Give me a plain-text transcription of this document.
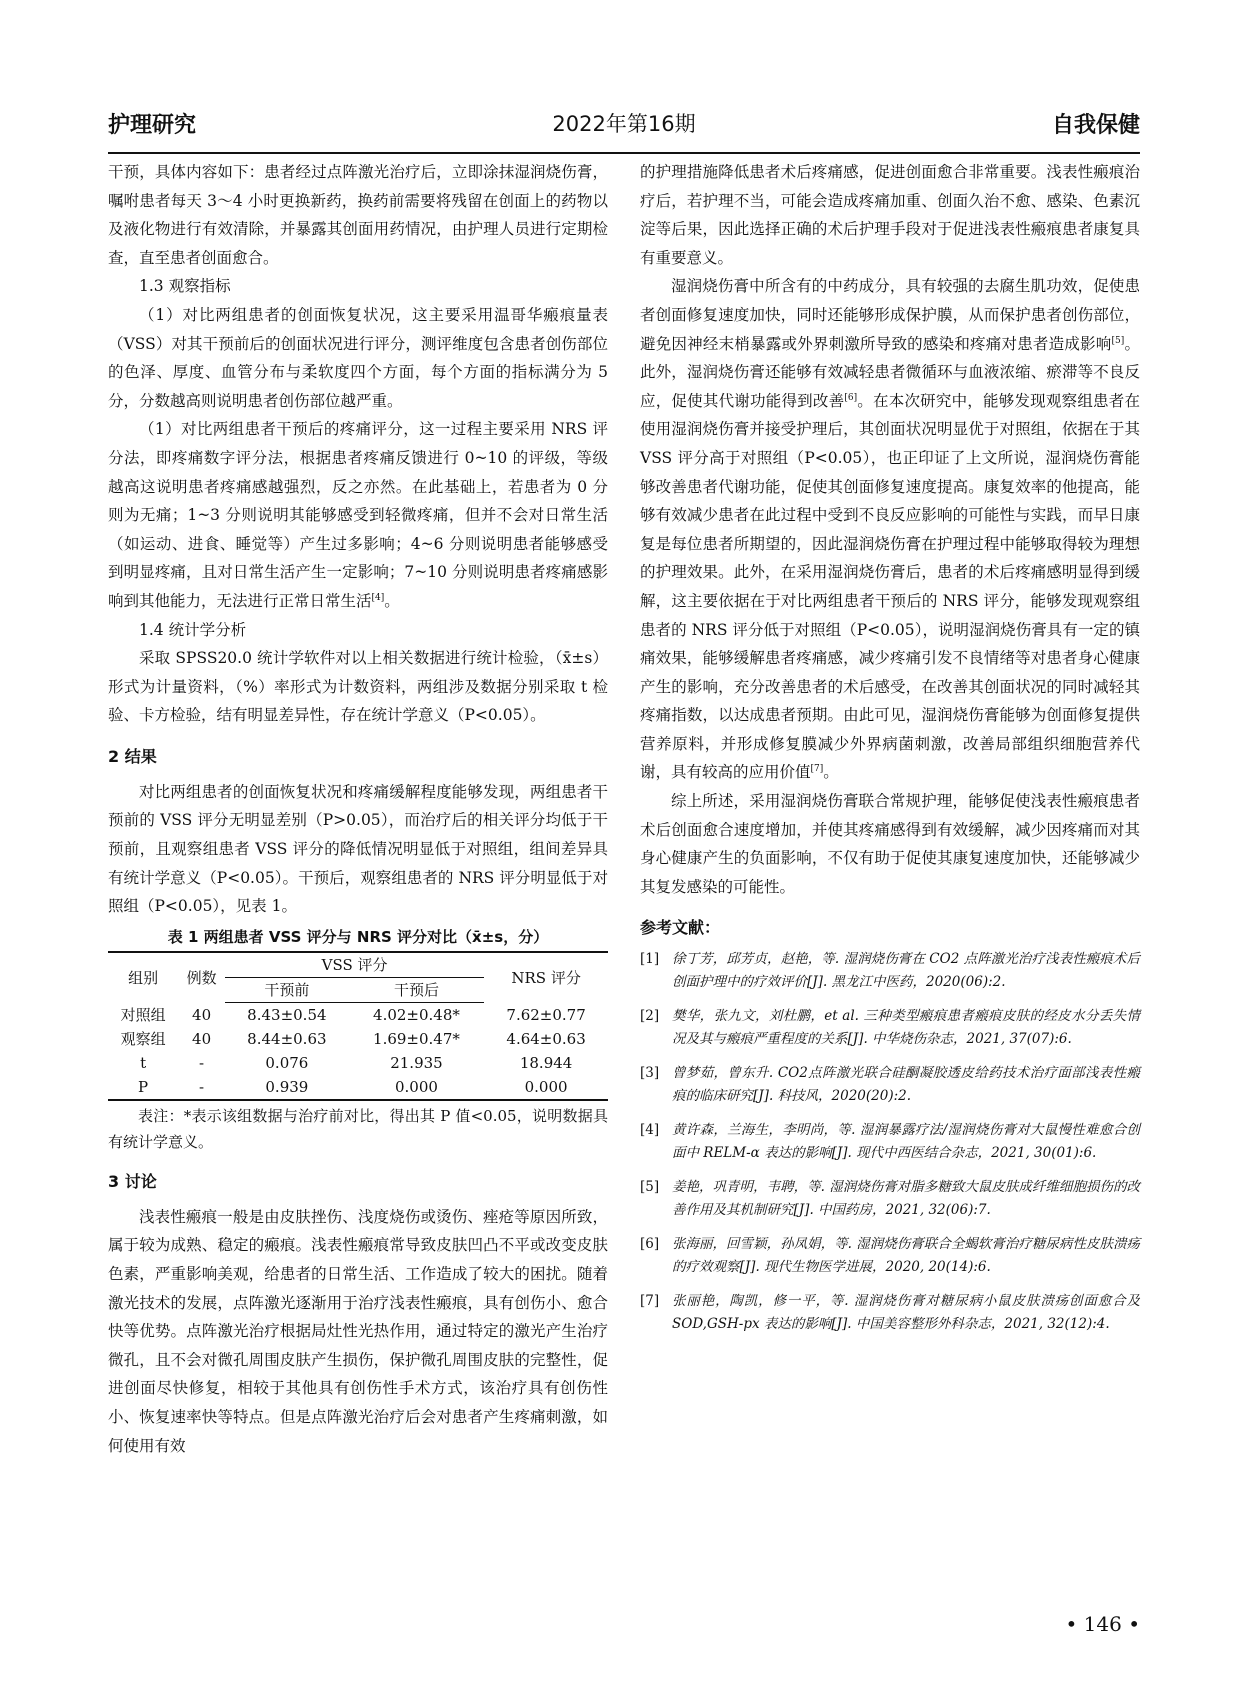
护理研究	2022年第16期	自我保健

干预，具体内容如下：患者经过点阵激光治疗后，立即涂抹湿润烧伤膏，嘱咐患者每天 3～4 小时更换新药，换药前需要将残留在创面上的药物以及液化物进行有效清除，并暴露其创面用药情况，由护理人员进行定期检查，直至患者创面愈合。

1.3 观察指标

（1）对比两组患者的创面恢复状况，这主要采用温哥华瘢痕量表（VSS）对其干预前后的创面状况进行评分，测评维度包含患者创伤部位的色泽、厚度、血管分布与柔软度四个方面，每个方面的指标满分为 5 分，分数越高则说明患者创伤部位越严重。

（1）对比两组患者干预后的疼痛评分，这一过程主要采用 NRS 评分法，即疼痛数字评分法，根据患者疼痛反馈进行 0~10 的评级，等级越高这说明患者疼痛感越强烈，反之亦然。在此基础上，若患者为 0 分则为无痛；1~3 分则说明其能够感受到轻微疼痛，但并不会对日常生活（如运动、进食、睡觉等）产生过多影响；4~6 分则说明患者能够感受到明显疼痛，且对日常生活产生一定影响；7~10 分则说明患者疼痛感影响到其他能力，无法进行正常日常生活[4]。

1.4 统计学分析

采取 SPSS20.0 统计学软件对以上相关数据进行统计检验，（x̄±s）形式为计量资料，（%）率形式为计数资料，两组涉及数据分别采取 t 检验、卡方检验，结有明显差异性，存在统计学意义（P<0.05）。

2 结果

对比两组患者的创面恢复状况和疼痛缓解程度能够发现，两组患者干预前的 VSS 评分无明显差别（P>0.05），而治疗后的相关评分均低于干预前，且观察组患者 VSS 评分的降低情况明显低于对照组，组间差异具有统计学意义（P<0.05）。干预后，观察组患者的 NRS 评分明显低于对照组（P<0.05），见表 1。

表 1 两组患者 VSS 评分与 NRS 评分对比（x̄±s，分）
组别	例数	VSS 评分		NRS 评分
		干预前	干预后	
对照组	40	8.43±0.54	4.02±0.48*	7.62±0.77
观察组	40	8.44±0.63	1.69±0.47*	4.64±0.63
t	-	0.076	21.935	18.944
P	-	0.939	0.000	0.000
表注：*表示该组数据与治疗前对比，得出其 P 值<0.05，说明数据具有统计学意义。
3 讨论

浅表性瘢痕一般是由皮肤挫伤、浅度烧伤或烫伤、痤疮等原因所致，属于较为成熟、稳定的瘢痕。浅表性瘢痕常导致皮肤凹凸不平或改变皮肤色素，严重影响美观，给患者的日常生活、工作造成了较大的困扰。随着激光技术的发展，点阵激光逐渐用于治疗浅表性瘢痕，具有创伤小、愈合快等优势。点阵激光治疗根据局灶性光热作用，通过特定的激光产生治疗微孔，且不会对微孔周围皮肤产生损伤，保护微孔周围皮肤的完整性，促进创面尽快修复，相较于其他具有创伤性手术方式，该治疗具有创伤性小、恢复速率快等特点。但是点阵激光治疗后会对患者产生疼痛刺激，如何使用有效

的护理措施降低患者术后疼痛感，促进创面愈合非常重要。浅表性瘢痕治疗后，若护理不当，可能会造成疼痛加重、创面久治不愈、感染、色素沉淀等后果，因此选择正确的术后护理手段对于促进浅表性瘢痕患者康复具有重要意义。

湿润烧伤膏中所含有的中药成分，具有较强的去腐生肌功效，促使患者创面修复速度加快，同时还能够形成保护膜，从而保护患者创伤部位，避免因神经末梢暴露或外界刺激所导致的感染和疼痛对患者造成影响[5]。此外，湿润烧伤膏还能够有效减轻患者微循环与血液浓缩、瘀滞等不良反应，促使其代谢功能得到改善[6]。在本次研究中，能够发现观察组患者在使用湿润烧伤膏并接受护理后，其创面状况明显优于对照组，依据在于其 VSS 评分高于对照组（P<0.05），也正印证了上文所说，湿润烧伤膏能够改善患者代谢功能，促使其创面修复速度提高。康复效率的他提高，能够有效减少患者在此过程中受到不良反应影响的可能性与实践，而早日康复是每位患者所期望的，因此湿润烧伤膏在护理过程中能够取得较为理想的护理效果。此外，在采用湿润烧伤膏后，患者的术后疼痛感明显得到缓解，这主要依据在于对比两组患者干预后的 NRS 评分，能够发现观察组患者的 NRS 评分低于对照组（P<0.05），说明湿润烧伤膏具有一定的镇痛效果，能够缓解患者疼痛感，减少疼痛引发不良情绪等对患者身心健康产生的影响，充分改善患者的术后感受，在改善其创面状况的同时减轻其疼痛指数，以达成患者预期。由此可见，湿润烧伤膏能够为创面修复提供营养原料，并形成修复膜减少外界病菌刺激，改善局部组织细胞营养代谢，具有较高的应用价值[7]。

综上所述，采用湿润烧伤膏联合常规护理，能够促使浅表性瘢痕患者术后创面愈合速度增加，并使其疼痛感得到有效缓解，减少因疼痛而对其身心健康产生的负面影响，不仅有助于促使其康复速度加快，还能够减少其复发感染的可能性。

参考文献：
[1] 徐丁芳，邱芳贞，赵艳，等. 湿润烧伤膏在 CO2 点阵激光治疗浅表性瘢痕术后创面护理中的疗效评价[J]. 黑龙江中医药，2020(06):2.
[2] 樊华，张九文，刘杜鹏，et al. 三种类型瘢痕患者瘢痕皮肤的经皮水分丢失情况及其与瘢痕严重程度的关系[J]. 中华烧伤杂志，2021, 37(07):6.
[3] 曾梦茹，曾东升. CO2点阵激光联合硅酮凝胶透皮给药技术治疗面部浅表性瘢痕的临床研究[J]. 科技风，2020(20):2.
[4] 黄许森，兰海生，李明尚，等. 湿润暴露疗法/湿润烧伤膏对大鼠慢性难愈合创面中 RELM-α 表达的影响[J]. 现代中西医结合杂志，2021, 30(01):6.
[5] 姜艳，巩青明，韦聘，等. 湿润烧伤膏对脂多糖致大鼠皮肤成纤维细胞损伤的改善作用及其机制研究[J]. 中国药房，2021, 32(06):7.
[6] 张海丽，回雪颖，孙凤娟，等. 湿润烧伤膏联合全蝎软膏治疗糖尿病性皮肤溃疡的疗效观察[J]. 现代生物医学进展，2020, 20(14):6.
[7] 张丽艳，陶凯，修一平，等. 湿润烧伤膏对糖尿病小鼠皮肤溃疡创面愈合及 SOD,GSH-px 表达的影响[J]. 中国美容整形外科杂志，2021, 32(12):4.
• 146 •
